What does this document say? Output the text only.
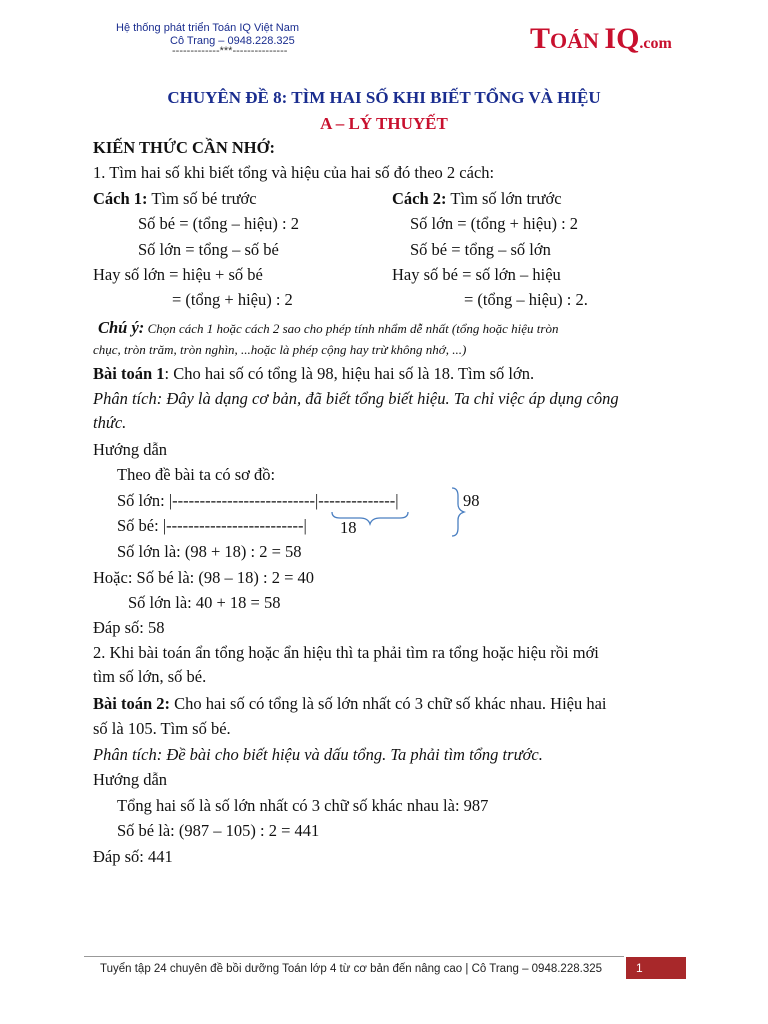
Hệ thống phát triển Toán IQ Việt Nam
Cô Trang – 0948.228.325
-------------***---------------	TOÁN IQ.com
CHUYÊN ĐỀ 8: TÌM HAI SỐ KHI BIẾT TỔNG VÀ HIỆU
A – LÝ THUYẾT
KIẾN THỨC CẦN NHỚ:
1. Tìm hai số khi biết tổng và hiệu của hai số đó theo 2 cách:
Cách 1: Tìm số bé trước	Cách 2: Tìm số lớn trước
Số bé = (tổng – hiệu) : 2	Số lớn = (tổng + hiệu) : 2
Số lớn = tổng – số bé	Số bé = tổng – số lớn
Hay số lớn = hiệu + số bé	Hay số bé = số lớn – hiệu
= (tổng + hiệu) : 2	= (tổng – hiệu) : 2.
Chú ý: Chọn cách 1 hoặc cách 2 sao cho phép tính nhẩm dễ nhất (tổng hoặc hiệu tròn
chục, tròn trăm, tròn nghìn, ...hoặc là phép cộng hay trừ không nhớ, ...)
Bài toán 1: Cho hai số có tổng là 98, hiệu hai số là 18. Tìm số lớn.
Phân tích: Đây là dạng cơ bản, đã biết tổng biết hiệu. Ta chỉ việc áp dụng công
thức.
Hướng dẫn
Theo đề bài ta có sơ đồ:
Số lớn: |--------------------------|--------------|
Số bé: |-------------------------|
98
18
Số lớn là: (98 + 18) : 2 = 58
Hoặc: Số bé là: (98 – 18) : 2 = 40
Số lớn là: 40 + 18 = 58
Đáp số: 58
2. Khi bài toán ẩn tổng hoặc ẩn hiệu thì ta phải tìm ra tổng hoặc hiệu rồi mới
tìm số lớn, số bé.
Bài toán 2: Cho hai số có tổng là số lớn nhất có 3 chữ số khác nhau. Hiệu hai
số là 105. Tìm số bé.
Phân tích: Đề bài cho biết hiệu và dấu tổng. Ta phải tìm tổng trước.
Hướng dẫn
Tổng hai số là số lớn nhất có 3 chữ số khác nhau là: 987
Số bé là: (987 – 105) : 2 = 441
Đáp số: 441
Tuyển tập 24 chuyên đề bồi dưỡng Toán lớp 4 từ cơ bản đến nâng cao | Cô Trang – 0948.228.325	1
